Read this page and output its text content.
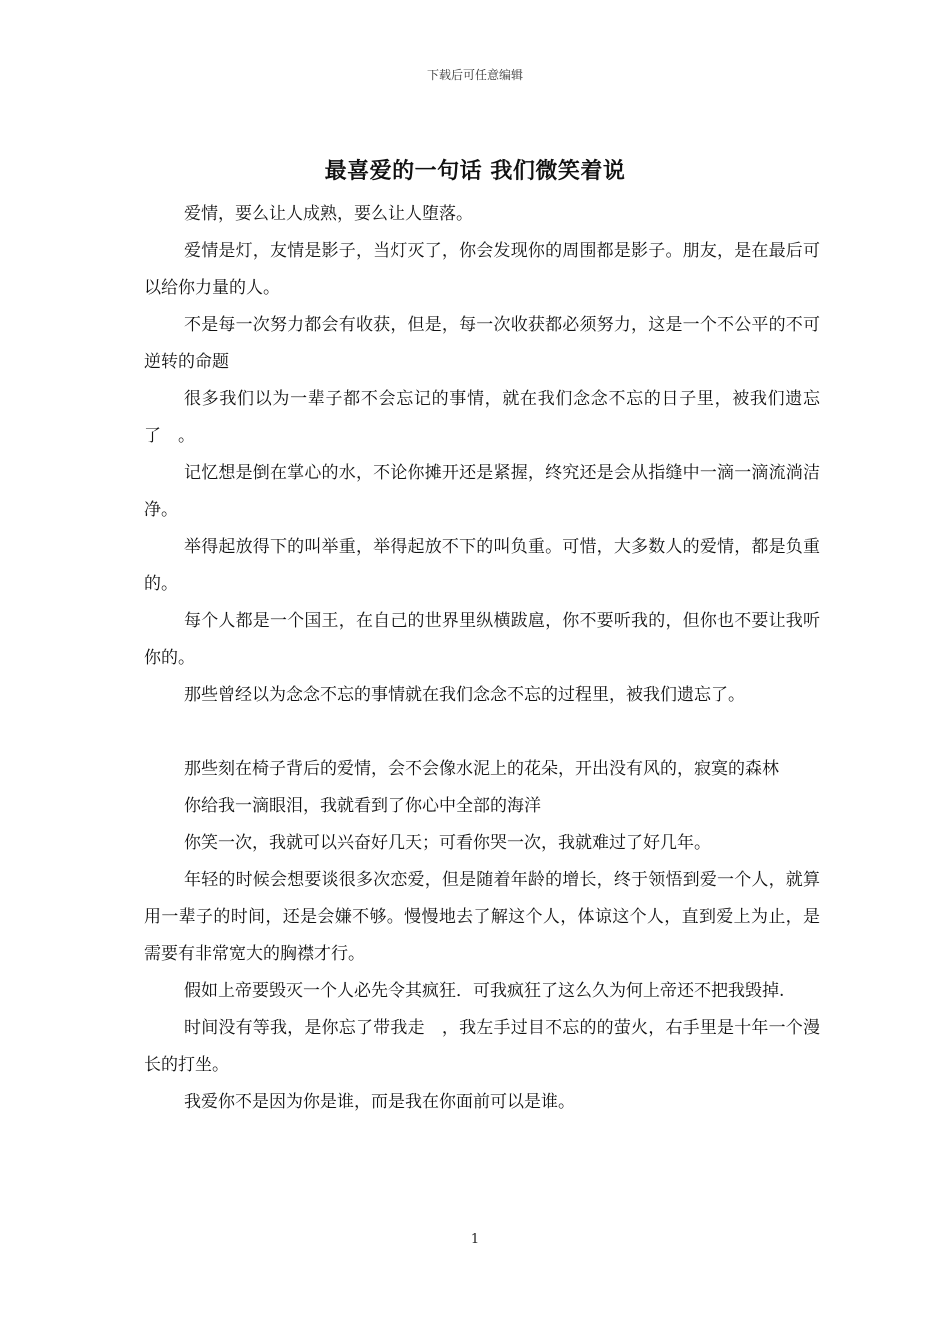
下载后可任意编辑
最喜爱的一句话 我们微笑着说

爱情，要么让人成熟，要么让人堕落。

爱情是灯，友情是影子，当灯灭了，你会发现你的周围都是影子。朋友，是在最后可以给你力量的人。

不是每一次努力都会有收获，但是，每一次收获都必须努力，这是一个不公平的不可逆转的命题

很多我们以为一辈子都不会忘记的事情，就在我们念念不忘的日子里，被我们遗忘了　。

记忆想是倒在掌心的水，不论你摊开还是紧握，终究还是会从指缝中一滴一滴流淌洁净。

举得起放得下的叫举重，举得起放不下的叫负重。可惜，大多数人的爱情，都是负重的。

每个人都是一个国王，在自己的世界里纵横跋扈，你不要听我的，但你也不要让我听你的。

那些曾经以为念念不忘的事情就在我们念念不忘的过程里，被我们遗忘了。

那些刻在椅子背后的爱情，会不会像水泥上的花朵，开出没有风的，寂寞的森林

你给我一滴眼泪，我就看到了你心中全部的海洋

你笑一次，我就可以兴奋好几天；可看你哭一次，我就难过了好几年。

年轻的时候会想要谈很多次恋爱，但是随着年龄的增长，终于领悟到爱一个人，就算用一辈子的时间，还是会嫌不够。慢慢地去了解这个人，体谅这个人，直到爱上为止，是需要有非常宽大的胸襟才行。

假如上帝要毁灭一个人必先令其疯狂．可我疯狂了这么久为何上帝还不把我毁掉.

时间没有等我，是你忘了带我走　，我左手过目不忘的的萤火，右手里是十年一个漫长的打坐。

我爱你不是因为你是谁，而是我在你面前可以是谁。

1
